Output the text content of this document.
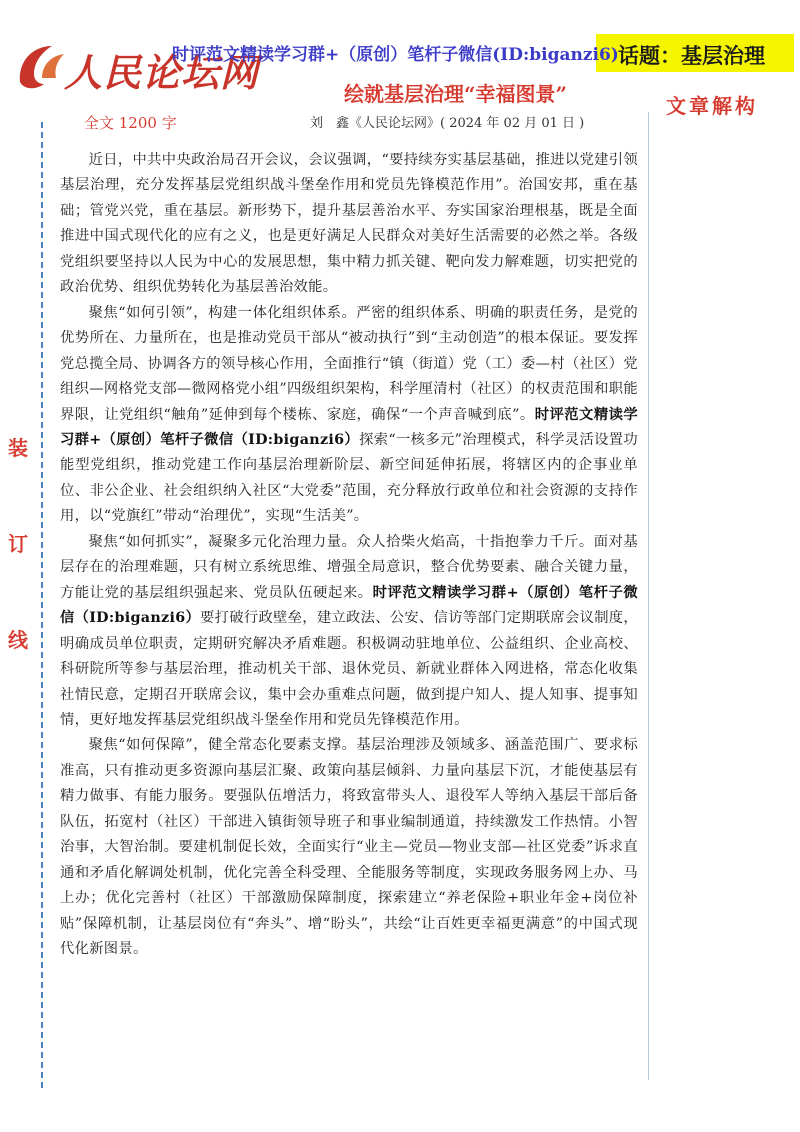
人民论坛网
时评范文精读学习群+（原创）笔杆子微信(ID:biganzi6) 话题：基层治理
绘就基层治理“幸福图景”	文章解构
全文 1200 字	刘　鑫《人民论坛网》( 2024 年 02 月 01 日 )
装
订
线

近日，中共中央政治局召开会议，会议强调，“要持续夯实基层基础，推进以党建引领基层治理，充分发挥基层党组织战斗堡垒作用和党员先锋模范作用”。治国安邦，重在基础；管党兴党，重在基层。新形势下，提升基层善治水平、夯实国家治理根基，既是全面推进中国式现代化的应有之义，也是更好满足人民群众对美好生活需要的必然之举。各级党组织要坚持以人民为中心的发展思想，集中精力抓关键、靶向发力解难题，切实把党的政治优势、组织优势转化为基层善治效能。

聚焦“如何引领”，构建一体化组织体系。严密的组织体系、明确的职责任务，是党的优势所在、力量所在，也是推动党员干部从“被动执行”到“主动创造”的根本保证。要发挥党总揽全局、协调各方的领导核心作用，全面推行“镇（街道）党（工）委—村（社区）党组织—网格党支部—微网格党小组”四级组织架构，科学厘清村（社区）的权责范围和职能界限，让党组织“触角”延伸到每个楼栋、家庭，确保“一个声音喊到底”。时评范文精读学习群+（原创）笔杆子微信（ID:biganzi6）探索“一核多元”治理模式，科学灵活设置功能型党组织，推动党建工作向基层治理新阶层、新空间延伸拓展，将辖区内的企事业单位、非公企业、社会组织纳入社区“大党委”范围，充分释放行政单位和社会资源的支持作用，以“党旗红”带动“治理优”，实现“生活美”。

聚焦“如何抓实”，凝聚多元化治理力量。众人拾柴火焰高，十指抱拳力千斤。面对基层存在的治理难题，只有树立系统思维、增强全局意识，整合优势要素、融合关键力量，方能让党的基层组织强起来、党员队伍硬起来。时评范文精读学习群+（原创）笔杆子微信（ID:biganzi6）要打破行政壁垒，建立政法、公安、信访等部门定期联席会议制度，明确成员单位职责，定期研究解决矛盾难题。积极调动驻地单位、公益组织、企业高校、科研院所等参与基层治理，推动机关干部、退休党员、新就业群体入网进格，常态化收集社情民意，定期召开联席会议，集中会办重难点问题，做到提户知人、提人知事、提事知情，更好地发挥基层党组织战斗堡垒作用和党员先锋模范作用。

聚焦“如何保障”，健全常态化要素支撑。基层治理涉及领域多、涵盖范围广、要求标准高，只有推动更多资源向基层汇聚、政策向基层倾斜、力量向基层下沉，才能使基层有精力做事、有能力服务。要强队伍增活力，将致富带头人、退役军人等纳入基层干部后备队伍，拓宽村（社区）干部进入镇街领导班子和事业编制通道，持续激发工作热情。小智治事，大智治制。要建机制促长效，全面实行“业主—党员—物业支部—社区党委”诉求直通和矛盾化解调处机制，优化完善全科受理、全能服务等制度，实现政务服务网上办、马上办；优化完善村（社区）干部激励保障制度，探索建立“养老保险+职业年金+岗位补贴”保障机制，让基层岗位有“奔头”、增“盼头”，共绘“让百姓更幸福更满意”的中国式现代化新图景。
